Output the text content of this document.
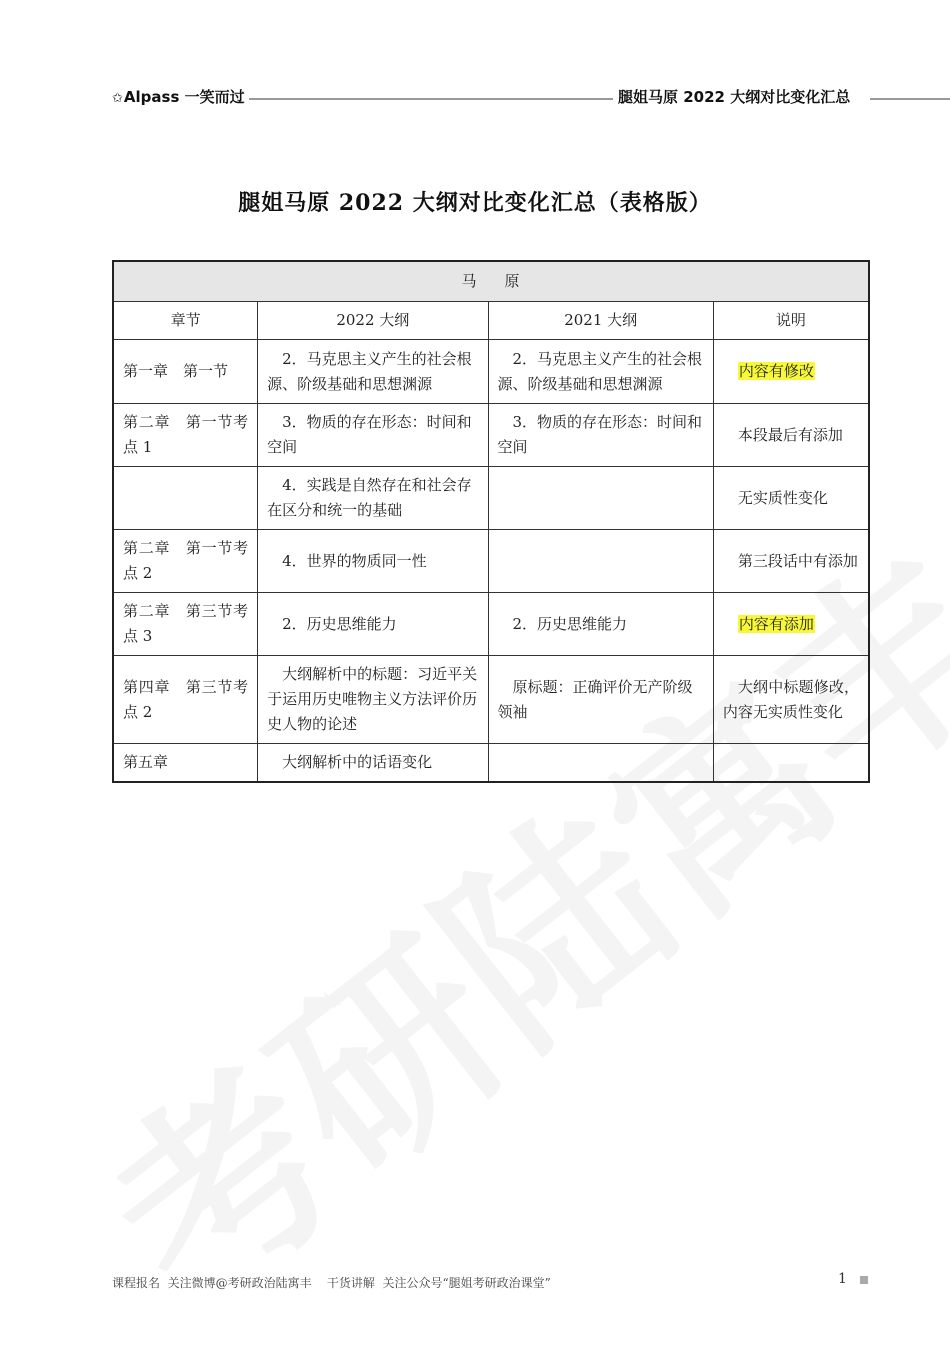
✩Alpass 一笑而过	腿姐马原 2022 大纲对比变化汇总
腿姐马原 2022 大纲对比变化汇总（表格版）
马原			
章节	2022 大纲	2021 大纲	说明
第一章　第一节	2．马克思主义产生的社会根源、阶级基础和思想渊源	2．马克思主义产生的社会根源、阶级基础和思想渊源	内容有修改
第二章　第一节考点 1	3．物质的存在形态：时间和空间	3．物质的存在形态：时间和空间	本段最后有添加
	4．实践是自然存在和社会存在区分和统一的基础		无实质性变化
第二章　第一节考点 2	4．世界的物质同一性		第三段话中有添加
第二章　第三节考点 3	2．历史思维能力	2．历史思维能力	内容有添加
第四章　第三节考点 2	大纲解析中的标题：习近平关于运用历史唯物主义方法评价历史人物的论述	原标题：正确评价无产阶级领袖	大纲中标题修改，内容无实质性变化
第五章	大纲解析中的话语变化		
课程报名  关注微博@考研政治陆寓丰    干货讲解  关注公众号“腿姐考研政治课堂”	1
